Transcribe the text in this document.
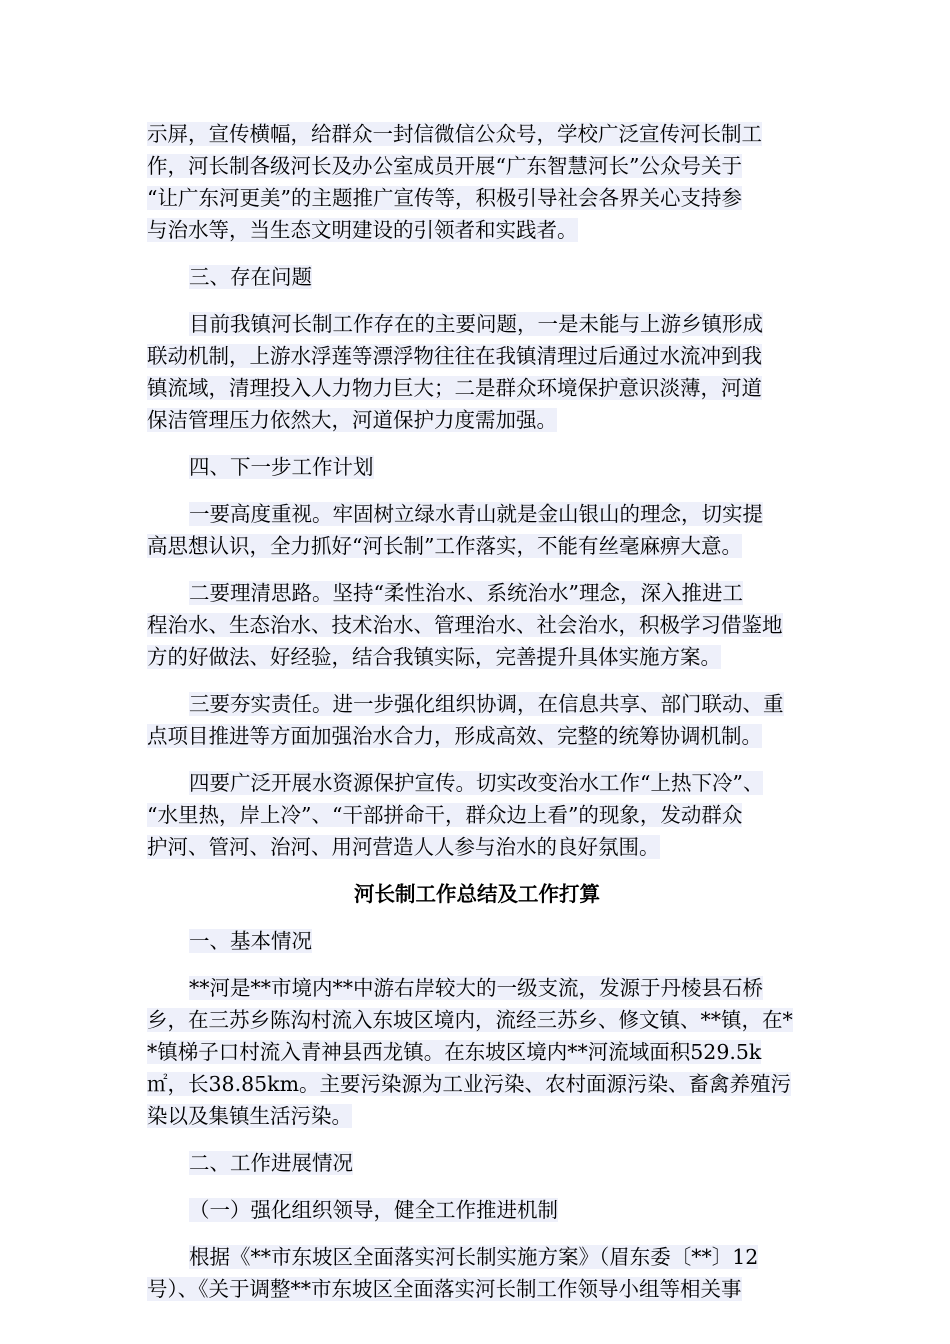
示屏，宣传横幅，给群众一封信微信公众号，学校广泛宣传河长制工
作，河长制各级河长及办公室成员开展“广东智慧河长”公众号关于
“让广东河更美”的主题推广宣传等，积极引导社会各界关心支持参
与治水等，当生态文明建设的引领者和实践者。
三、存在问题
目前我镇河长制工作存在的主要问题，一是未能与上游乡镇形成
联动机制，上游水浮莲等漂浮物往往在我镇清理过后通过水流冲到我
镇流域，清理投入人力物力巨大；二是群众环境保护意识淡薄，河道
保洁管理压力依然大，河道保护力度需加强。
四、下一步工作计划
一要高度重视。牢固树立绿水青山就是金山银山的理念，切实提
高思想认识，全力抓好“河长制”工作落实，不能有丝毫麻痹大意。
二要理清思路。坚持“柔性治水、系统治水”理念，深入推进工
程治水、生态治水、技术治水、管理治水、社会治水，积极学习借鉴地
方的好做法、好经验，结合我镇实际，完善提升具体实施方案。
三要夯实责任。进一步强化组织协调，在信息共享、部门联动、重
点项目推进等方面加强治水合力，形成高效、完整的统筹协调机制。
四要广泛开展水资源保护宣传。切实改变治水工作“上热下冷”、
“水里热，岸上冷”、“干部拼命干，群众边上看”的现象，发动群众
护河、管河、治河、用河营造人人参与治水的良好氛围。
河长制工作总结及工作打算
一、基本情况
**河是**市境内**中游右岸较大的一级支流，发源于丹棱县石桥
乡，在三苏乡陈沟村流入东坡区境内，流经三苏乡、修文镇、**镇，在*
*镇梯子口村流入青神县西龙镇。在东坡区境内**河流域面积529.5k
㎡，长38.85km。主要污染源为工业污染、农村面源污染、畜禽养殖污
染以及集镇生活污染。
二、工作进展情况
（一）强化组织领导，健全工作推进机制
根据《**市东坡区全面落实河长制实施方案》（眉东委〔**〕12
号）、《关于调整**市东坡区全面落实河长制工作领导小组等相关事
